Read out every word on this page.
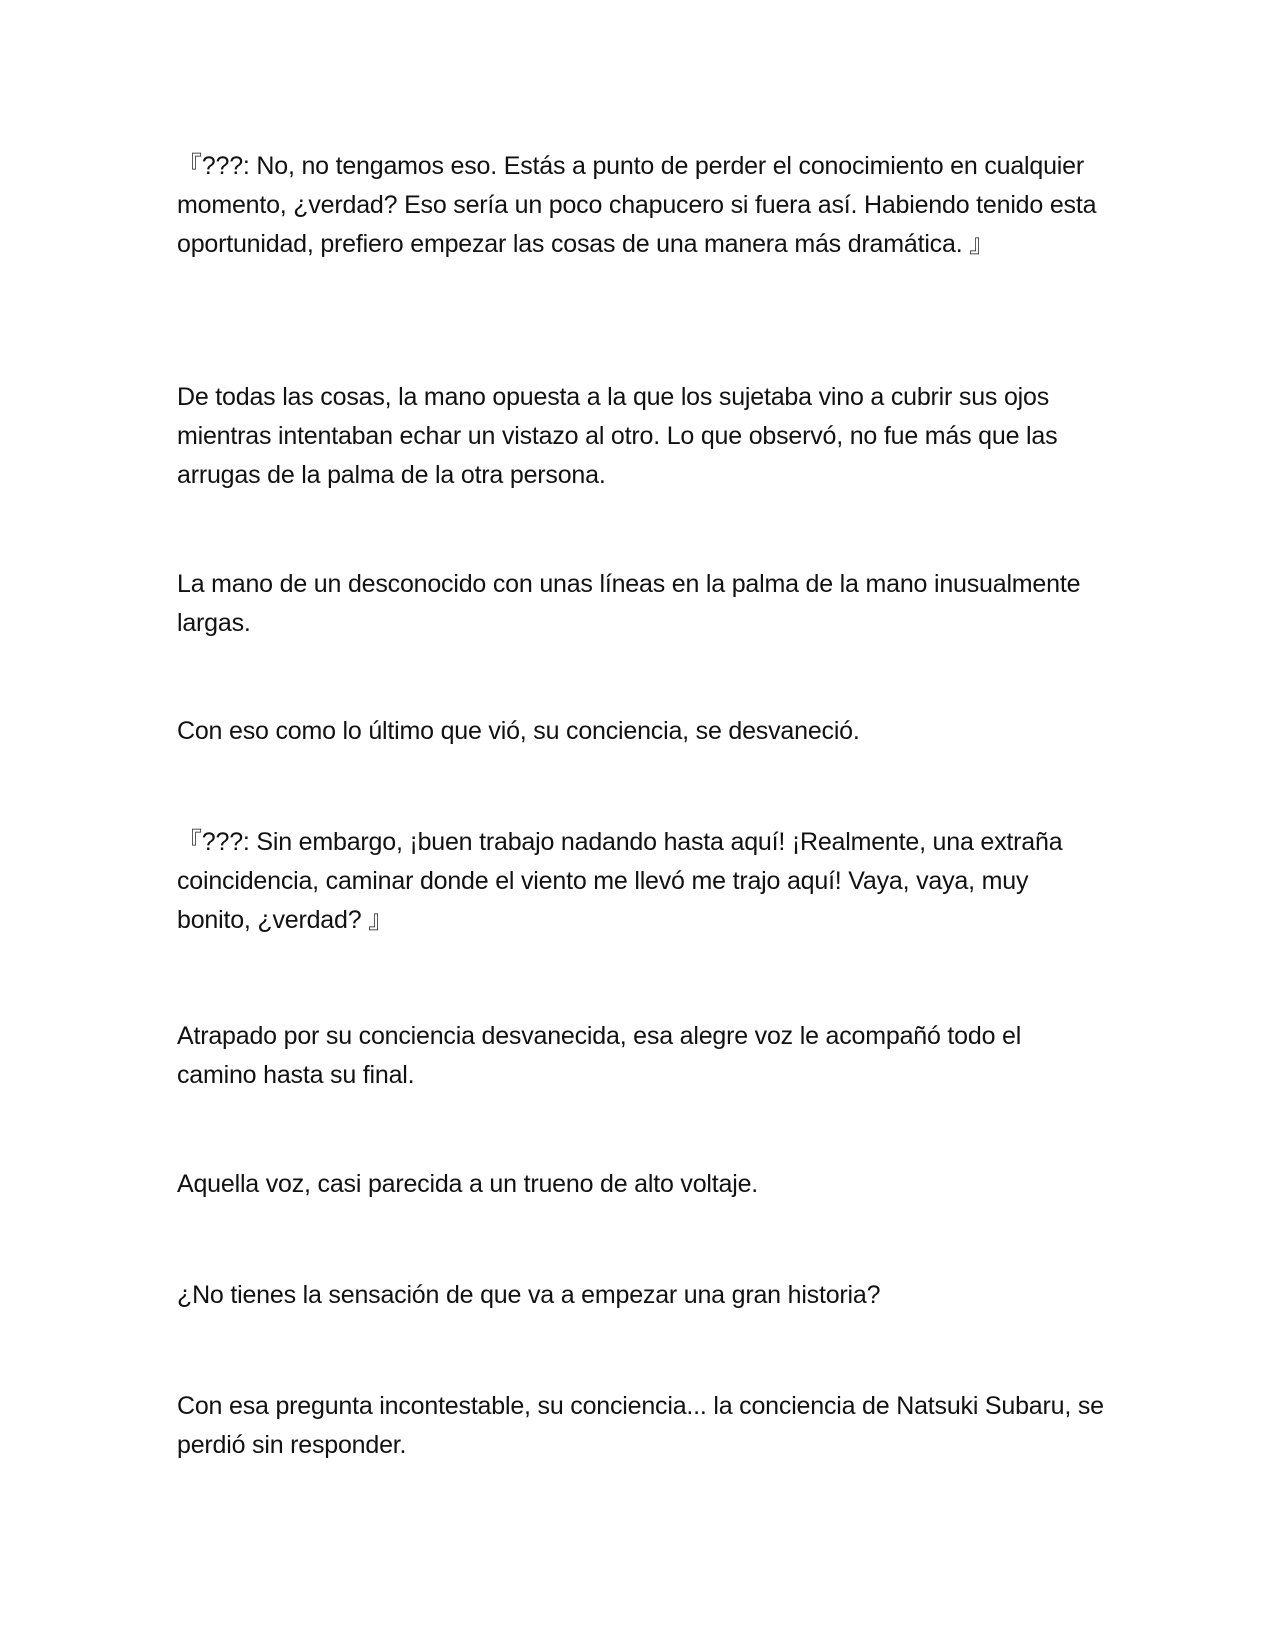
『???: No, no tengamos eso. Estás a punto de perder el conocimiento en cualquier momento, ¿verdad? Eso sería un poco chapucero si fuera así. Habiendo tenido esta oportunidad, prefiero empezar las cosas de una manera más dramática. 』

De todas las cosas, la mano opuesta a la que los sujetaba vino a cubrir sus ojos mientras intentaban echar un vistazo al otro. Lo que observó, no fue más que las arrugas de la palma de la otra persona.

La mano de un desconocido con unas líneas en la palma de la mano inusualmente largas.

Con eso como lo último que vió, su conciencia, se desvaneció.

『???: Sin embargo, ¡buen trabajo nadando hasta aquí! ¡Realmente, una extraña coincidencia, caminar donde el viento me llevó me trajo aquí! Vaya, vaya, muy bonito, ¿verdad? 』

Atrapado por su conciencia desvanecida, esa alegre voz le acompañó todo el camino hasta su final.

Aquella voz, casi parecida a un trueno de alto voltaje.

¿No tienes la sensación de que va a empezar una gran historia?

Con esa pregunta incontestable, su conciencia... la conciencia de Natsuki Subaru, se perdió sin responder.
